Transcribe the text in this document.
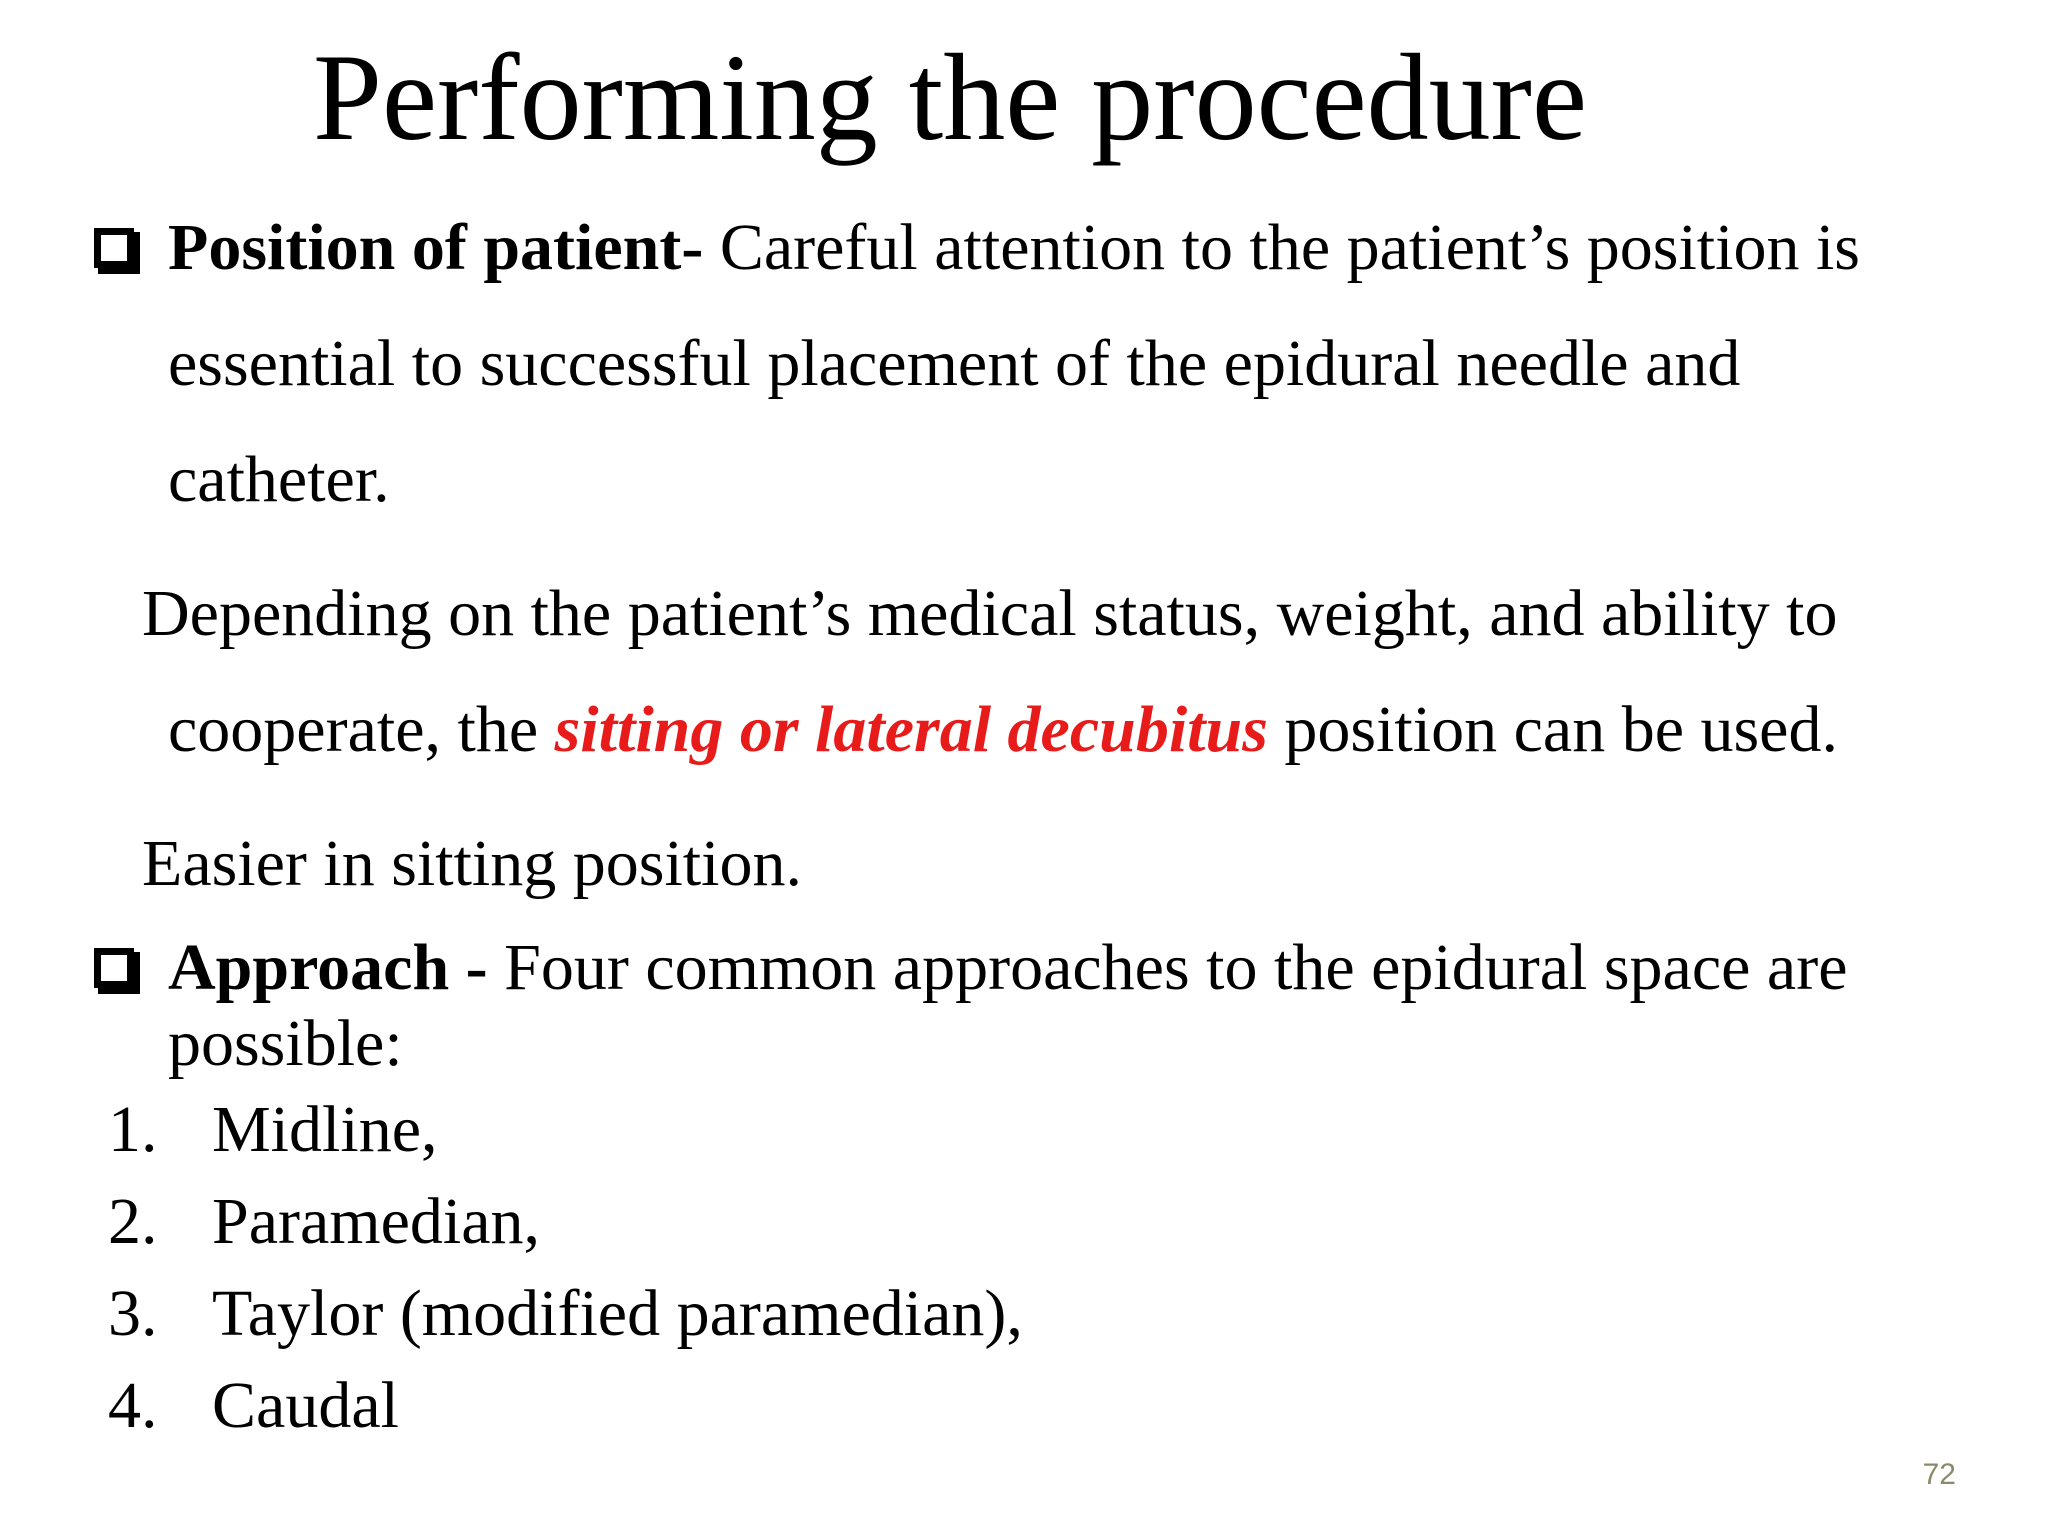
Performing the procedure
Position of patient- Careful attention to the patient’s position is
essential to successful placement of the epidural needle and
catheter.
Depending on the patient’s medical status, weight, and ability to
cooperate, the sitting or lateral decubitus position can be used.
Easier in sitting position.
Approach - Four common approaches to the epidural space are
possible:
1. Midline,
2. Paramedian,
3. Taylor (modified paramedian),
4. Caudal
72
